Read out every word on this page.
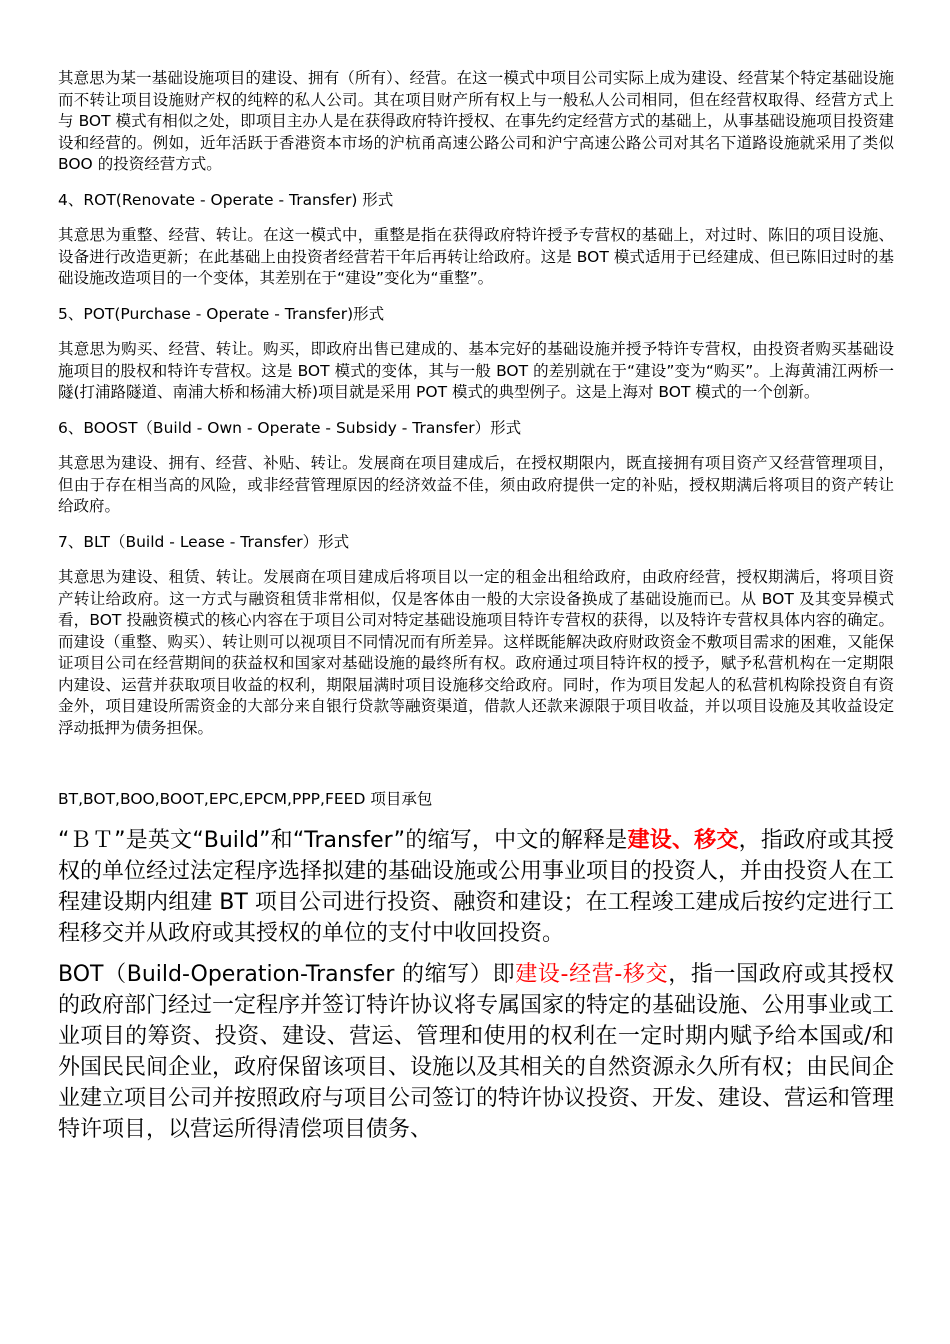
其意思为某一基础设施项目的建设、拥有（所有）、经营。在这一模式中项目公司实际上成为建设、经营某个特定基础设施而不转让项目设施财产权的纯粹的私人公司。其在项目财产所有权上与一般私人公司相同，但在经营权取得、经营方式上与 BOT 模式有相似之处，即项目主办人是在获得政府特许授权、在事先约定经营方式的基础上，从事基础设施项目投资建设和经营的。例如，近年活跃于香港资本市场的沪杭甬高速公路公司和沪宁高速公路公司对其名下道路设施就采用了类似 BOO 的投资经营方式。

4、ROT(Renovate - Operate - Transfer) 形式

其意思为重整、经营、转让。在这一模式中，重整是指在获得政府特许授予专营权的基础上，对过时、陈旧的项目设施、设备进行改造更新；在此基础上由投资者经营若干年后再转让给政府。这是 BOT 模式适用于已经建成、但已陈旧过时的基础设施改造项目的一个变体，其差别在于“建设”变化为“重整”。

5、POT(Purchase - Operate - Transfer)形式

其意思为购买、经营、转让。购买，即政府出售已建成的、基本完好的基础设施并授予特许专营权，由投资者购买基础设施项目的股权和特许专营权。这是 BOT 模式的变体，其与一般 BOT 的差别就在于“建设”变为“购买”。上海黄浦江两桥一隧(打浦路隧道、南浦大桥和杨浦大桥)项目就是采用 POT 模式的典型例子。这是上海对 BOT 模式的一个创新。

6、BOOST（Build - Own - Operate - Subsidy - Transfer）形式

其意思为建设、拥有、经营、补贴、转让。发展商在项目建成后，在授权期限内，既直接拥有项目资产又经营管理项目，但由于存在相当高的风险，或非经营管理原因的经济效益不佳，须由政府提供一定的补贴，授权期满后将项目的资产转让给政府。

7、BLT（Build - Lease - Transfer）形式

其意思为建设、租赁、转让。发展商在项目建成后将项目以一定的租金出租给政府，由政府经营，授权期满后，将项目资产转让给政府。这一方式与融资租赁非常相似，仅是客体由一般的大宗设备换成了基础设施而已。从 BOT 及其变异模式看，BOT 投融资模式的核心内容在于项目公司对特定基础设施项目特许专营权的获得，以及特许专营权具体内容的确定。而建设（重整、购买）、转让则可以视项目不同情况而有所差异。这样既能解决政府财政资金不敷项目需求的困难，又能保证项目公司在经营期间的获益权和国家对基础设施的最终所有权。政府通过项目特许权的授予，赋予私营机构在一定期限内建设、运营并获取项目收益的权利，期限届满时项目设施移交给政府。同时，作为项目发起人的私营机构除投资自有资金外，项目建设所需资金的大部分来自银行贷款等融资渠道，借款人还款来源限于项目收益，并以项目设施及其收益设定浮动抵押为债务担保。

BT,BOT,BOO,BOOT,EPC,EPCM,PPP,FEED 项目承包

“ＢＴ”是英文“Build”和“Transfer”的缩写，中文的解释是建设、移交，指政府或其授权的单位经过法定程序选择拟建的基础设施或公用事业项目的投资人，并由投资人在工程建设期内组建 BT 项目公司进行投资、融资和建设；在工程竣工建成后按约定进行工程移交并从政府或其授权的单位的支付中收回投资。

BOT（Build-Operation-Transfer 的缩写）即建设-经营-移交，指一国政府或其授权的政府部门经过一定程序并签订特许协议将专属国家的特定的基础设施、公用事业或工业项目的筹资、投资、建设、营运、管理和使用的权利在一定时期内赋予给本国或/和外国民民间企业，政府保留该项目、设施以及其相关的自然资源永久所有权；由民间企业建立项目公司并按照政府与项目公司签订的特许协议投资、开发、建设、营运和管理特许项目，以营运所得清偿项目债务、
